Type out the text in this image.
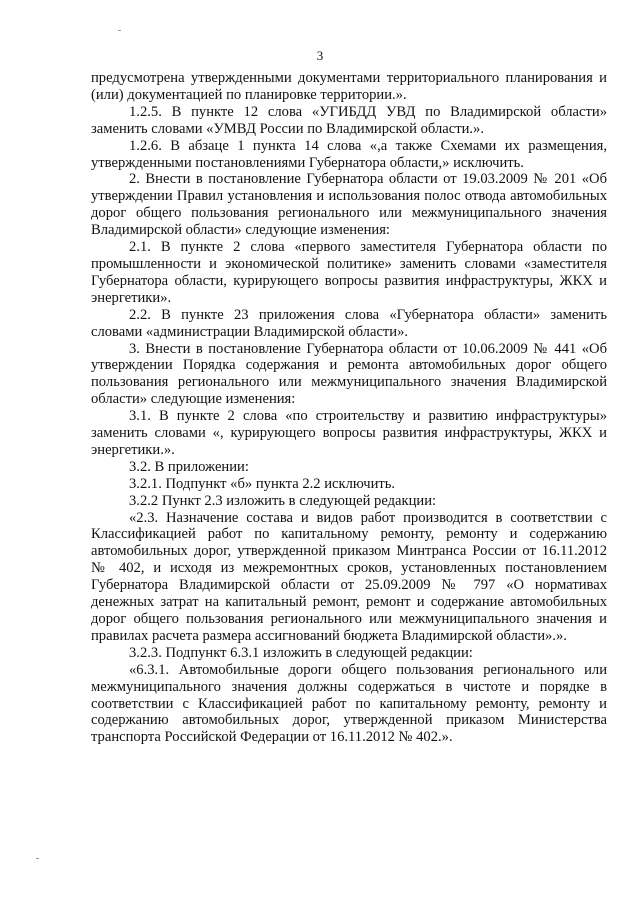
3

предусмотрена утвержденными документами территориального планирования и (или) документацией по планировке территории.».

1.2.5. В пункте 12 слова «УГИБДД УВД по Владимирской области» заменить словами «УМВД России по Владимирской области.».

1.2.6. В абзаце 1 пункта 14 слова «,а также Схемами их размещения, утвержденными постановлениями Губернатора области,» исключить.

2. Внести в постановление Губернатора области от 19.03.2009 № 201 «Об утверждении Правил установления и использования полос отвода автомобильных дорог общего пользования регионального или межмуниципального значения Владимирской области» следующие изменения:

2.1. В пункте 2 слова «первого заместителя Губернатора области по промышленности и экономической политике» заменить словами «заместителя Губернатора области, курирующего вопросы развития инфраструктуры, ЖКХ и энергетики».

2.2. В пункте 23 приложения слова «Губернатора области» заменить словами «администрации Владимирской области».

3. Внести в постановление Губернатора области от 10.06.2009 № 441 «Об утверждении Порядка содержания и ремонта автомобильных дорог общего пользования регионального или межмуниципального значения Владимирской области» следующие изменения:

3.1. В пункте 2 слова «по строительству и развитию инфраструктуры» заменить словами «, курирующего вопросы развития инфраструктуры, ЖКХ и энергетики.».

3.2. В приложении:

3.2.1. Подпункт «б» пункта 2.2 исключить.

3.2.2 Пункт 2.3 изложить в следующей редакции:

«2.3. Назначение состава и видов работ производится в соответствии с Классификацией работ по капитальному ремонту, ремонту и содержанию автомобильных дорог, утвержденной приказом Минтранса России от 16.11.2012 № 402, и исходя из межремонтных сроков, установленных постановлением Губернатора Владимирской области от 25.09.2009 № 797 «О нормативах денежных затрат на капитальный ремонт, ремонт и содержание автомобильных дорог общего пользования регионального или межмуниципального значения и правилах расчета размера ассигнований бюджета Владимирской области».».

3.2.3. Подпункт 6.3.1 изложить в следующей редакции:

«6.3.1. Автомобильные дороги общего пользования регионального или межмуниципального значения должны содержаться в чистоте и порядке в соответствии с Классификацией работ по капитальному ремонту, ремонту и содержанию автомобильных дорог, утвержденной приказом Министерства транспорта Российской Федерации от 16.11.2012 № 402.».
